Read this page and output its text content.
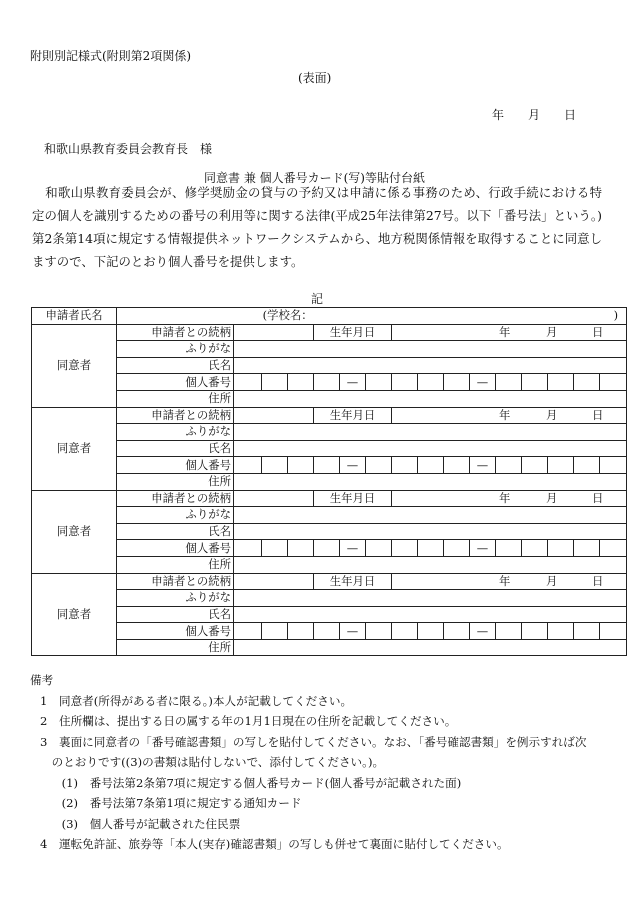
附則別記様式(附則第2項関係)
(表面)
年 月 日
和歌山県教育委員会教育長　様
同意書 兼 個人番号カード(写)等貼付台紙
和歌山県教育委員会が、修学奨励金の貸与の予約又は申請に係る事務のため、行政手続における特定の個人を識別するための番号の利用等に関する法律(平成25年法律第27号。以下「番号法」という。)第2条第14項に規定する情報提供ネットワークシステムから、地方税関係情報を取得することに同意しますので、下記のとおり個人番号を提供します。
記
申請者氏名	(学校名： )															

同意者	申請者との続柄				生年月日			年 月 日								

	ふりがな															
	氏名															
	個人番号					—					—					
	住所															
同意者	申請者との続柄				生年月日			年 月 日								

	ふりがな															
	氏名															
	個人番号					—					—					
	住所															
同意者	申請者との続柄				生年月日			年 月 日								

	ふりがな															
	氏名															
	個人番号					—					—					
	住所															
同意者	申請者との続柄				生年月日			年 月 日								

	ふりがな															
	氏名															
	個人番号					—					—					
	住所															
備考
1　同意者(所得がある者に限る。)本人が記載してください。
2　住所欄は、提出する日の属する年の1月1日現在の住所を記載してください。
3　裏面に同意者の「番号確認書類」の写しを貼付してください。なお、「番号確認書類」を例示すれば次
　のとおりです((3)の書類は貼付しないで、添付してください。)。
　(1)　番号法第2条第7項に規定する個人番号カード(個人番号が記載された面)
　(2)　番号法第7条第1項に規定する通知カード
　(3)　個人番号が記載された住民票
4　運転免許証、旅券等「本人(実存)確認書類」の写しも併せて裏面に貼付してください。
